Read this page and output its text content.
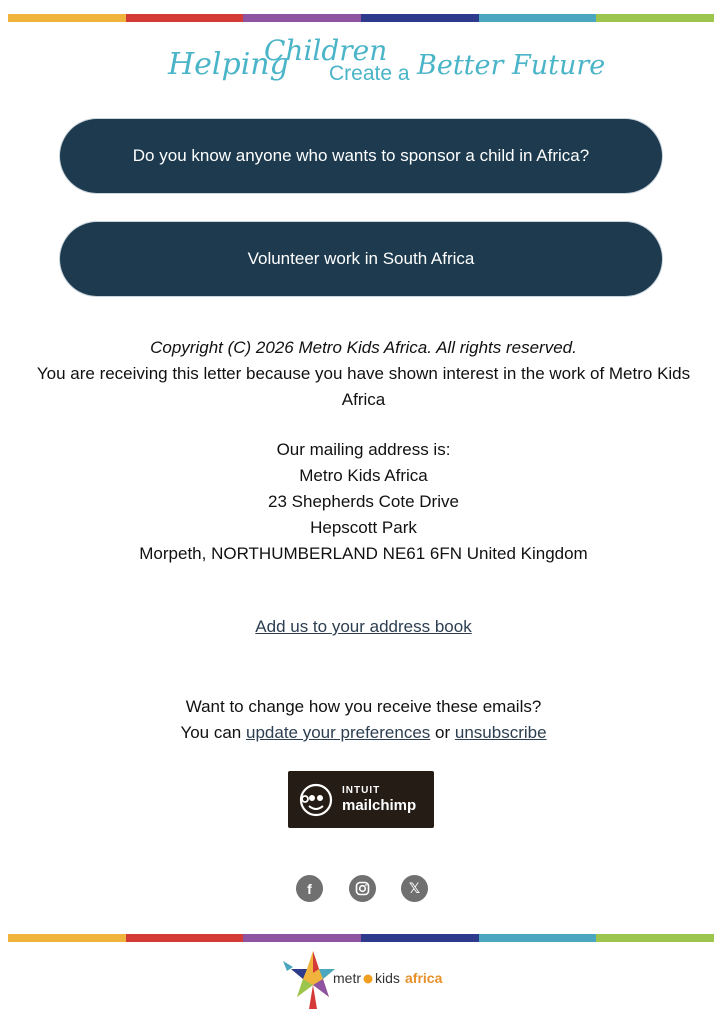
Helping
Children
Create a Better Future
Do you know anyone who wants to sponsor a child in Africa?
Volunteer work in South Africa
Copyright (C) 2026 Metro Kids Africa. All rights reserved.
You are receiving this letter because you have shown interest in the work of Metro Kids Africa
Our mailing address is:
Metro Kids Africa
23 Shepherds Cote Drive
Hepscott Park
Morpeth, NORTHUMBERLAND NE61 6FN United Kingdom
Add us to your address book
Want to change how you receive these emails?
You can update your preferences or unsubscribe
INTUIT
mailchimp
f	𝕏
metr kids africa
